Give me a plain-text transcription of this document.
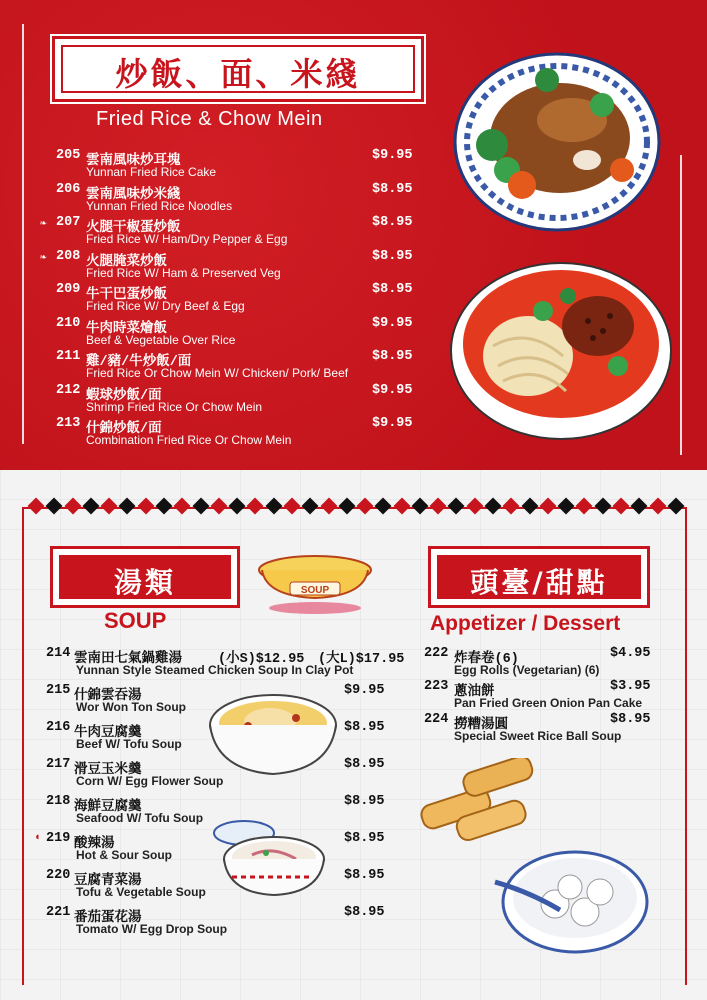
炒飯、面、米綫
Fried Rice & Chow Mein
205 雲南風味炒耳塊	$9.95
Yunnan Fried Rice Cake
206 雲南風味炒米綫	$8.95
Yunnan Fried Rice Noodles
❧ 207 火腿干椒蛋炒飯	$8.95
Fried Rice W/ Ham/Dry Pepper & Egg
❧ 208 火腿腌菜炒飯	$8.95
Fried Rice W/ Ham & Preserved Veg
209 牛干巴蛋炒飯	$8.95
Fried Rice W/ Dry Beef & Egg
210 牛肉時菜燴飯	$9.95
Beef & Vegetable Over Rice
211 雞/豬/牛炒飯/面	$8.95
Fried Rice Or Chow Mein W/ Chicken/ Pork/ Beef
212 蝦球炒飯/面	$9.95
Shrimp Fried Rice Or Chow Mein
213 什錦炒飯/面	$9.95
Combination Fried Rice Or Chow Mein
湯類
SOUP
SOUP
214 雲南田七氣鍋雞湯	(小S)$12.95 (大L)$17.95
Yunnan Style Steamed Chicken Soup In Clay Pot
215 什錦雲吞湯	$9.95
Wor Won Ton Soup
216 牛肉豆腐羹	$8.95
Beef W/ Tofu Soup
217 滑豆玉米羹	$8.95
Corn W/ Egg Flower Soup
218 海鮮豆腐羹	$8.95
Seafood W/ Tofu Soup
◖ 219 酸辣湯	$8.95
Hot & Sour Soup
220 豆腐青菜湯	$8.95
Tofu & Vegetable Soup
221 番茄蛋花湯	$8.95
Tomato W/ Egg Drop Soup
頭臺/甜點
Appetizer / Dessert
222 炸春卷(6)	$4.95
Egg Rolls (Vegetarian) (6)
223 蔥油餅	$3.95
Pan Fried Green Onion Pan Cake
224 撈糟湯圓	$8.95
Special Sweet Rice Ball Soup
